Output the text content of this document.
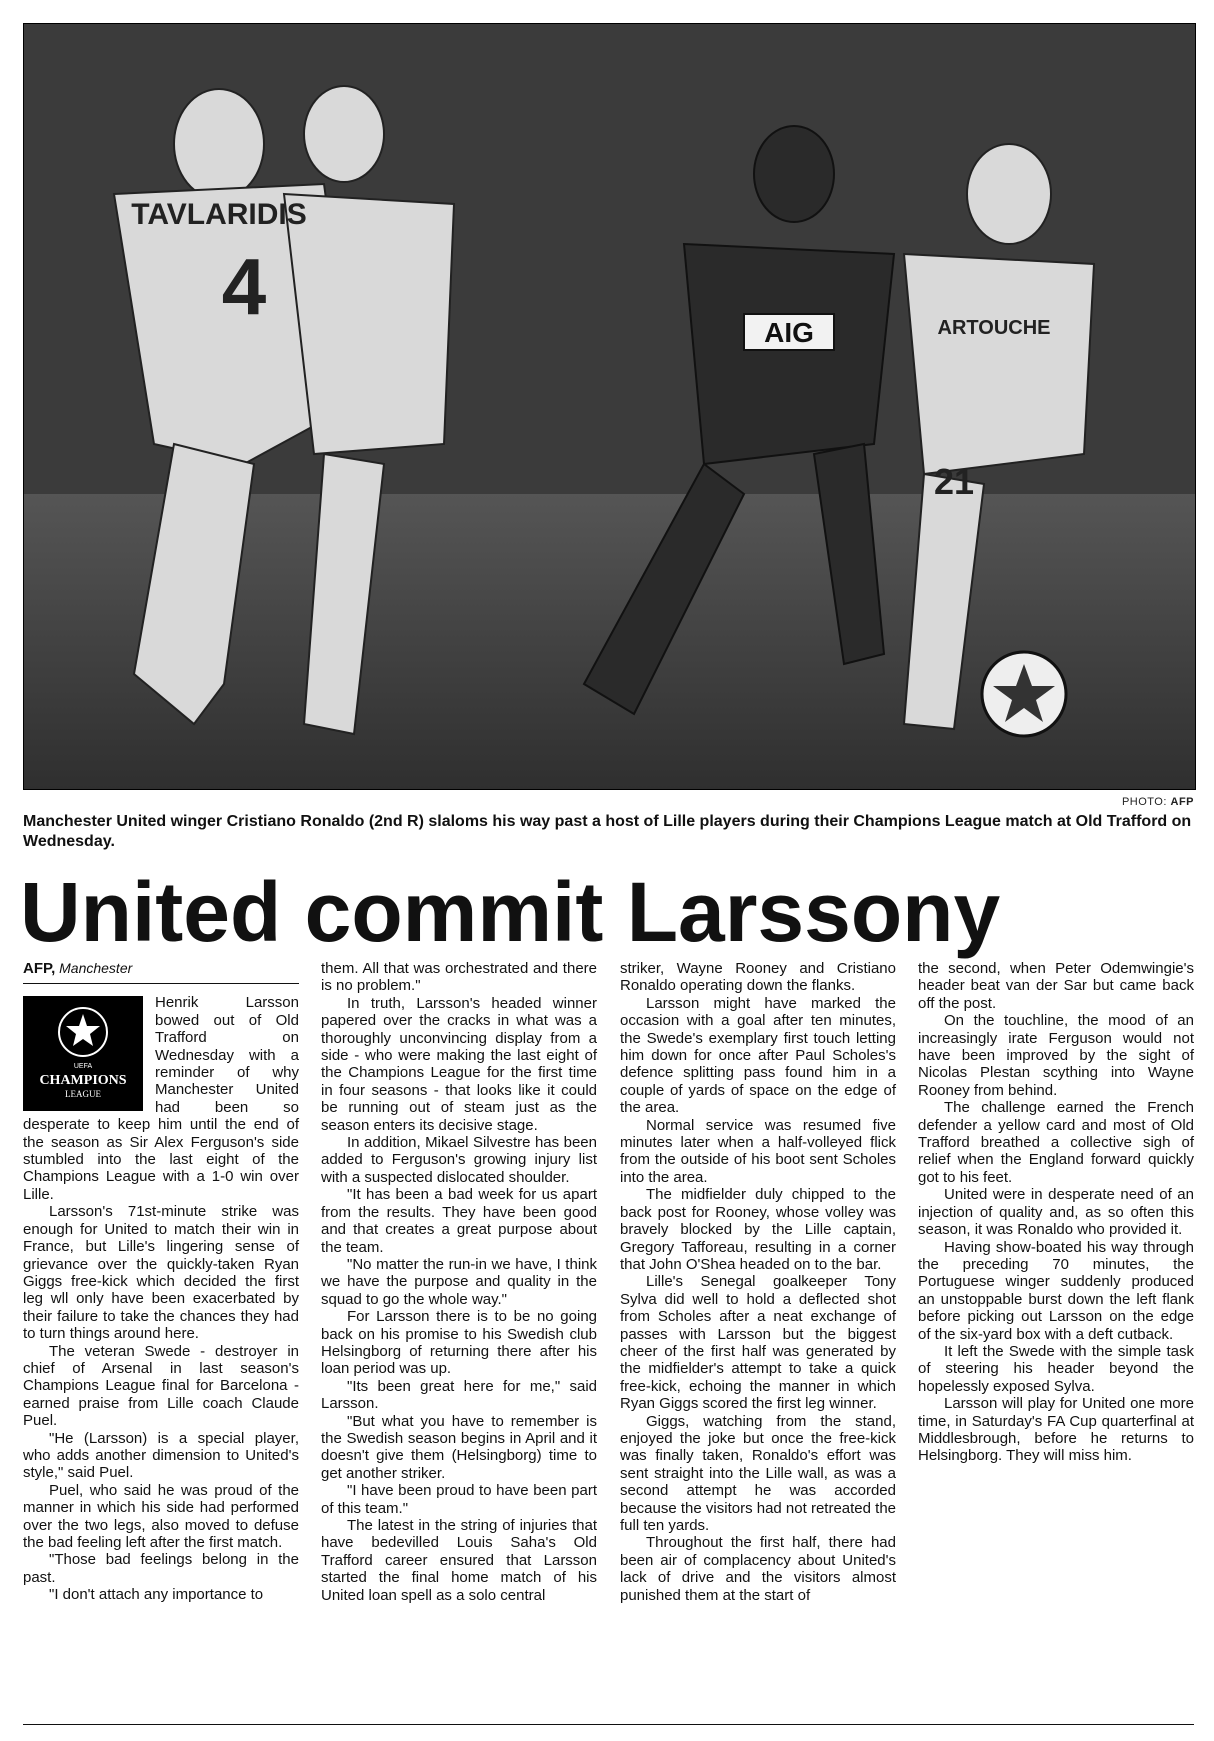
AIG
TAVLARIDIS
4	ARTOUCHE
21
PHOTO: AFP
Manchester United winger Cristiano Ronaldo (2nd R) slaloms his way past a host of Lille players during their Champions League match at Old Trafford on Wednesday.
United commit Larssony
AFP, Manchester
UEFA
CHAMPIONS
LEAGUE

Henrik Larsson bowed out of Old Trafford on Wednesday with a reminder of why Manchester United had been so desperate to keep him until the end of the season as Sir Alex Ferguson's side stumbled into the last eight of the Champions League with a 1-0 win over Lille.

Larsson's 71st-minute strike was enough for United to match their win in France, but Lille's lingering sense of grievance over the quickly-taken Ryan Giggs free-kick which decided the first leg wll only have been exacerbated by their failure to take the chances they had to turn things around here.

The veteran Swede - destroyer in chief of Arsenal in last season's Champions League final for Barcelona - earned praise from Lille coach Claude Puel.

"He (Larsson) is a special player, who adds another dimension to United's style," said Puel.

Puel, who said he was proud of the manner in which his side had performed over the two legs, also moved to defuse the bad feeling left after the first match.

"Those bad feelings belong in the past.

"I don't attach any importance to

them. All that was orchestrated and there is no problem."

In truth, Larsson's headed winner papered over the cracks in what was a thoroughly unconvincing display from a side - who were making the last eight of the Champions League for the first time in four seasons - that looks like it could be running out of steam just as the season enters its decisive stage.

In addition, Mikael Silvestre has been added to Ferguson's growing injury list with a suspected dislocated shoulder.

"It has been a bad week for us apart from the results. They have been good and that creates a great purpose about the team.

"No matter the run-in we have, I think we have the purpose and quality in the squad to go the whole way."

For Larsson there is to be no going back on his promise to his Swedish club Helsingborg of returning there after his loan period was up.

"Its been great here for me," said Larsson.

"But what you have to remember is the Swedish season begins in April and it doesn't give them (Helsingborg) time to get another striker.

"I have been proud to have been part of this team."

The latest in the string of injuries that have bedevilled Louis Saha's Old Trafford career ensured that Larsson started the final home match of his United loan spell as a solo central

striker, Wayne Rooney and Cristiano Ronaldo operating down the flanks.

Larsson might have marked the occasion with a goal after ten minutes, the Swede's exemplary first touch letting him down for once after Paul Scholes's defence splitting pass found him in a couple of yards of space on the edge of the area.

Normal service was resumed five minutes later when a half-volleyed flick from the outside of his boot sent Scholes into the area.

The midfielder duly chipped to the back post for Rooney, whose volley was bravely blocked by the Lille captain, Gregory Tafforeau, resulting in a corner that John O'Shea headed on to the bar.

Lille's Senegal goalkeeper Tony Sylva did well to hold a deflected shot from Scholes after a neat exchange of passes with Larsson but the biggest cheer of the first half was generated by the midfielder's attempt to take a quick free-kick, echoing the manner in which Ryan Giggs scored the first leg winner.

Giggs, watching from the stand, enjoyed the joke but once the free-kick was finally taken, Ronaldo's effort was sent straight into the Lille wall, as was a second attempt he was accorded because the visitors had not retreated the full ten yards.

Throughout the first half, there had been air of complacency about United's lack of drive and the visitors almost punished them at the start of

the second, when Peter Odemwingie's header beat van der Sar but came back off the post.

On the touchline, the mood of an increasingly irate Ferguson would not have been improved by the sight of Nicolas Plestan scything into Wayne Rooney from behind.

The challenge earned the French defender a yellow card and most of Old Trafford breathed a collective sigh of relief when the England forward quickly got to his feet.

United were in desperate need of an injection of quality and, as so often this season, it was Ronaldo who provided it.

Having show-boated his way through the preceding 70 minutes, the Portuguese winger suddenly produced an unstoppable burst down the left flank before picking out Larsson on the edge of the six-yard box with a deft cutback.

It left the Swede with the simple task of steering his header beyond the hopelessly exposed Sylva.

Larsson will play for United one more time, in Saturday's FA Cup quarterfinal at Middlesbrough, before he returns to Helsingborg. They will miss him.
